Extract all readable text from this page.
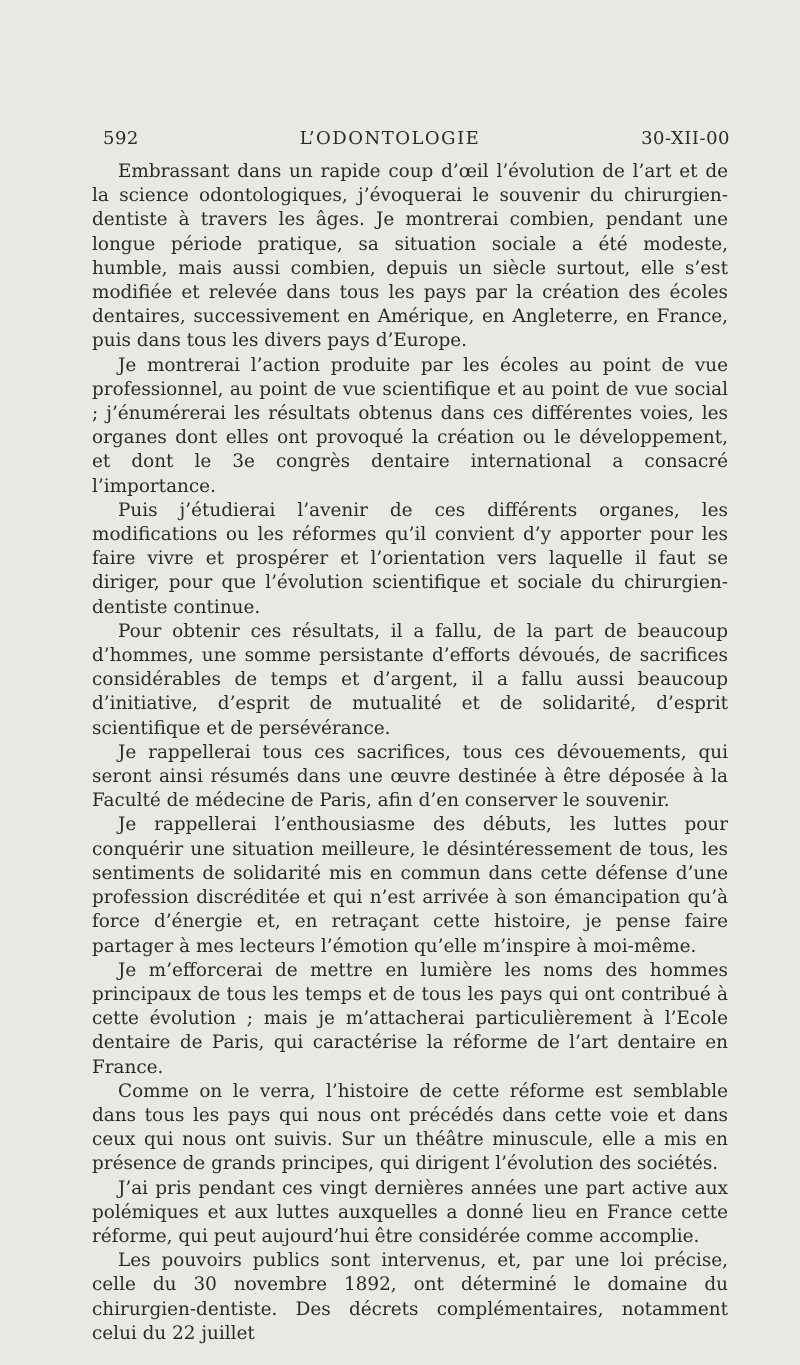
592	L’ODONTOLOGIE	30-XII-00

Embrassant dans un rapide coup d’œil l’évolution de l’art et de la science odontologiques, j’évoquerai le souvenir du chirurgien-dentiste à travers les âges. Je montrerai combien, pendant une longue période pratique, sa situation sociale a été modeste, humble, mais aussi combien, depuis un siècle surtout, elle s’est modifiée et relevée dans tous les pays par la création des écoles dentaires, successivement en Amérique, en Angleterre, en France, puis dans tous les divers pays d’Europe.

Je montrerai l’action produite par les écoles au point de vue professionnel, au point de vue scientifique et au point de vue social ; j’énumérerai les résultats obtenus dans ces différentes voies, les organes dont elles ont provoqué la création ou le développement, et dont le 3e congrès dentaire international a consacré l’importance.

Puis j’étudierai l’avenir de ces différents organes, les modifications ou les réformes qu’il convient d’y apporter pour les faire vivre et prospérer et l’orientation vers laquelle il faut se diriger, pour que l’évolution scientifique et sociale du chirurgien-dentiste continue.

Pour obtenir ces résultats, il a fallu, de la part de beaucoup d’hommes, une somme persistante d’efforts dévoués, de sacrifices considérables de temps et d’argent, il a fallu aussi beaucoup d’initiative, d’esprit de mutualité et de solidarité, d’esprit scientifique et de persévérance.

Je rappellerai tous ces sacrifices, tous ces dévouements, qui seront ainsi résumés dans une œuvre destinée à être déposée à la Faculté de médecine de Paris, afin d’en conserver le souvenir.

Je rappellerai l’enthousiasme des débuts, les luttes pour conquérir une situation meilleure, le désintéressement de tous, les sentiments de solidarité mis en commun dans cette défense d’une profession discréditée et qui n’est arrivée à son émancipation qu’à force d’énergie et, en retraçant cette histoire, je pense faire partager à mes lecteurs l’émotion qu’elle m’inspire à moi-même.

Je m’efforcerai de mettre en lumière les noms des hommes principaux de tous les temps et de tous les pays qui ont contribué à cette évolution ; mais je m’attacherai particulièrement à l’Ecole dentaire de Paris, qui caractérise la réforme de l’art dentaire en France.

Comme on le verra, l’histoire de cette réforme est semblable dans tous les pays qui nous ont précédés dans cette voie et dans ceux qui nous ont suivis. Sur un théâtre minuscule, elle a mis en présence de grands principes, qui dirigent l’évolution des sociétés.

J’ai pris pendant ces vingt dernières années une part active aux polémiques et aux luttes auxquelles a donné lieu en France cette réforme, qui peut aujourd’hui être considérée comme accomplie.

Les pouvoirs publics sont intervenus, et, par une loi précise, celle du 30 novembre 1892, ont déterminé le domaine du chirurgien-dentiste. Des décrets complémentaires, notamment celui du 22 juillet
